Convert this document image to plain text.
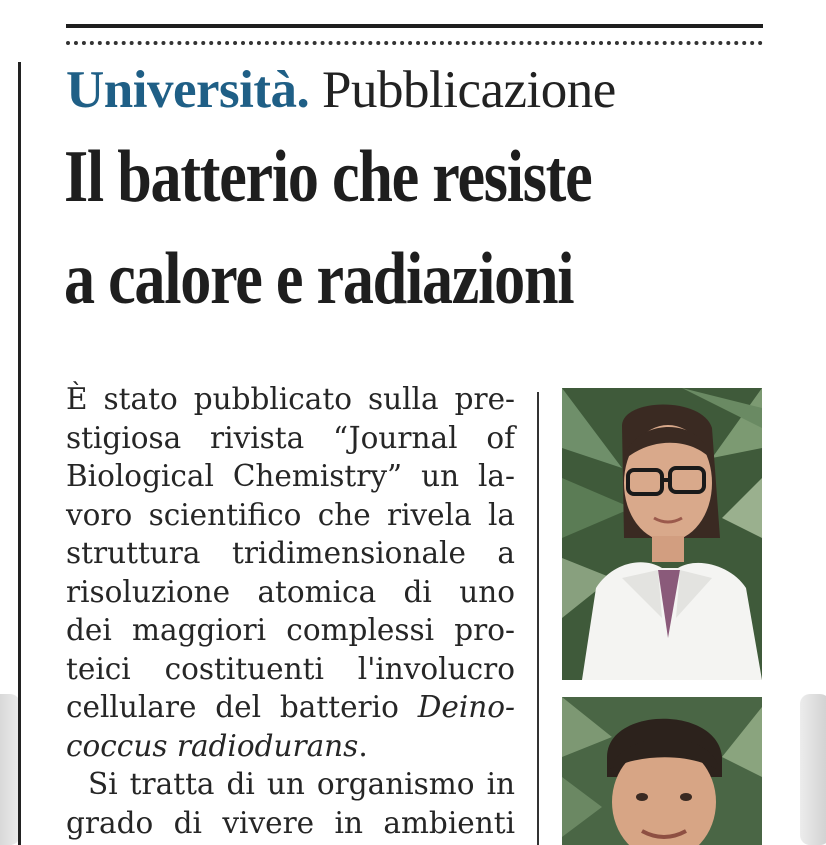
Università. Pubblicazione
Il batterio che resiste
a calore e radiazioni
È stato pubblicato sulla pre-
stigiosa rivista “Journal of
Biological Chemistry” un la-
voro scientifico che rivela la
struttura tridimensionale a
risoluzione atomica di uno
dei maggiori complessi pro-
teici costituenti l'involucro
cellulare del batterio Deino-
coccus radiodurans.
Si tratta di un organismo in
grado di vivere in ambienti
